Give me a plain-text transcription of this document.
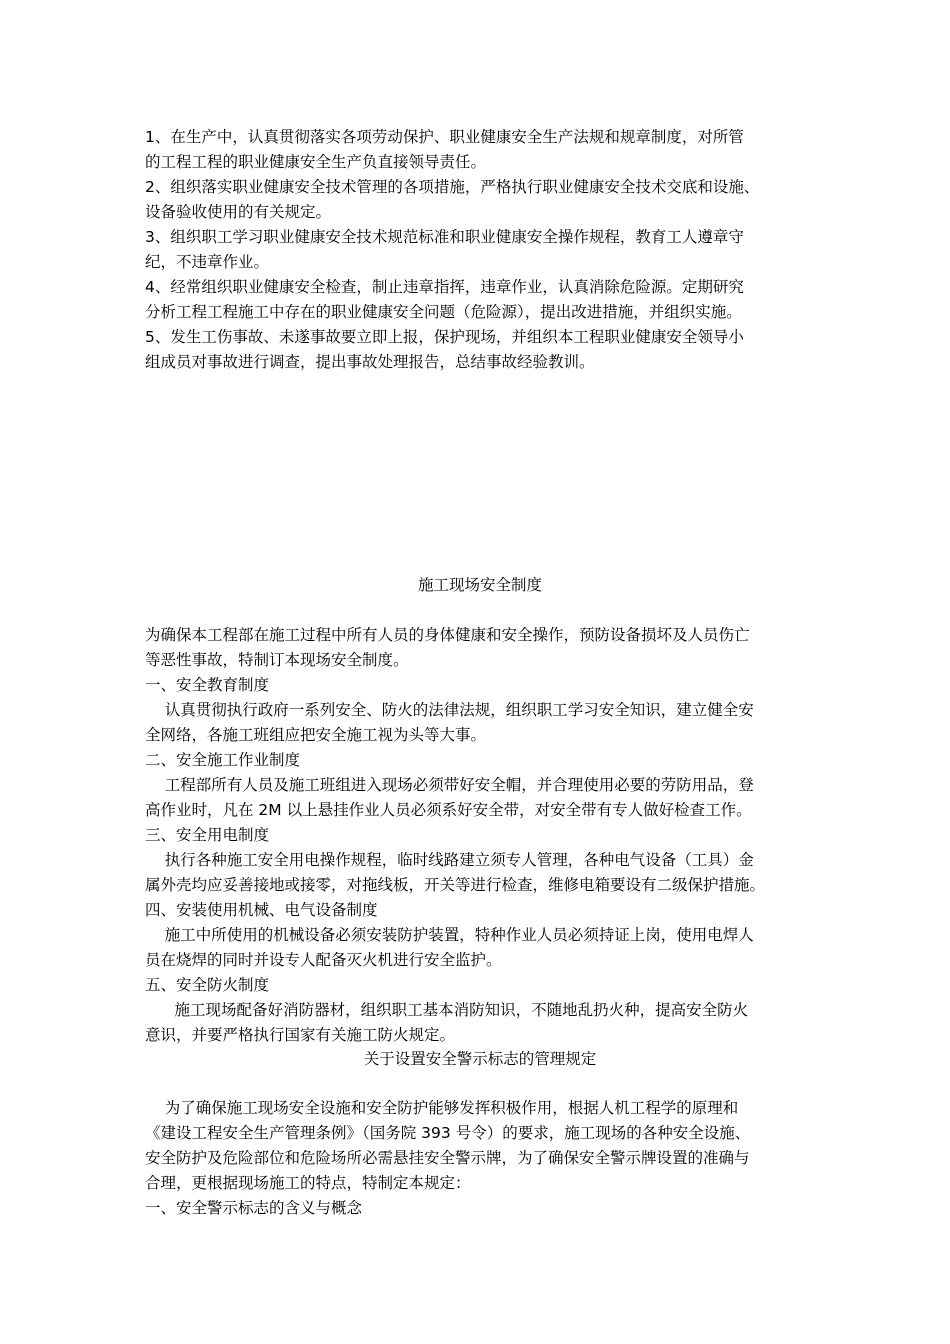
1、在生产中，认真贯彻落实各项劳动保护、职业健康安全生产法规和规章制度，对所管
的工程工程的职业健康安全生产负直接领导责任。
2、组织落实职业健康安全技术管理的各项措施，严格执行职业健康安全技术交底和设施、
设备验收使用的有关规定。
3、组织职工学习职业健康安全技术规范标准和职业健康安全操作规程，教育工人遵章守
纪，不违章作业。
4、经常组织职业健康安全检查，制止违章指挥，违章作业，认真消除危险源。定期研究
分析工程工程施工中存在的职业健康安全问题（危险源），提出改进措施，并组织实施。
5、发生工伤事故、未遂事故要立即上报，保护现场，并组织本工程职业健康安全领导小
组成员对事故进行调查，提出事故处理报告，总结事故经验教训。
施工现场安全制度
为确保本工程部在施工过程中所有人员的身体健康和安全操作，预防设备损坏及人员伤亡
等恶性事故，特制订本现场安全制度。
一、安全教育制度
认真贯彻执行政府一系列安全、防火的法律法规，组织职工学习安全知识，建立健全安
全网络，各施工班组应把安全施工视为头等大事。
二、安全施工作业制度
工程部所有人员及施工班组进入现场必须带好安全帽，并合理使用必要的劳防用品，登
高作业时，凡在 2M 以上悬挂作业人员必须系好安全带，对安全带有专人做好检查工作。
三、安全用电制度
执行各种施工安全用电操作规程，临时线路建立须专人管理，各种电气设备（工具）金
属外壳均应妥善接地或接零，对拖线板，开关等进行检查，维修电箱要设有二级保护措施。
四、安装使用机械、电气设备制度
施工中所使用的机械设备必须安装防护装置，特种作业人员必须持证上岗，使用电焊人
员在烧焊的同时并设专人配备灭火机进行安全监护。
五、安全防火制度
施工现场配备好消防器材，组织职工基本消防知识，不随地乱扔火种，提高安全防火
意识，并要严格执行国家有关施工防火规定。
关于设置安全警示标志的管理规定
为了确保施工现场安全设施和安全防护能够发挥积极作用，根据人机工程学的原理和
《建设工程安全生产管理条例》（国务院 393 号令）的要求，施工现场的各种安全设施、
安全防护及危险部位和危险场所必需悬挂安全警示牌，为了确保安全警示牌设置的准确与
合理，更根据现场施工的特点，特制定本规定：
一、安全警示标志的含义与概念
